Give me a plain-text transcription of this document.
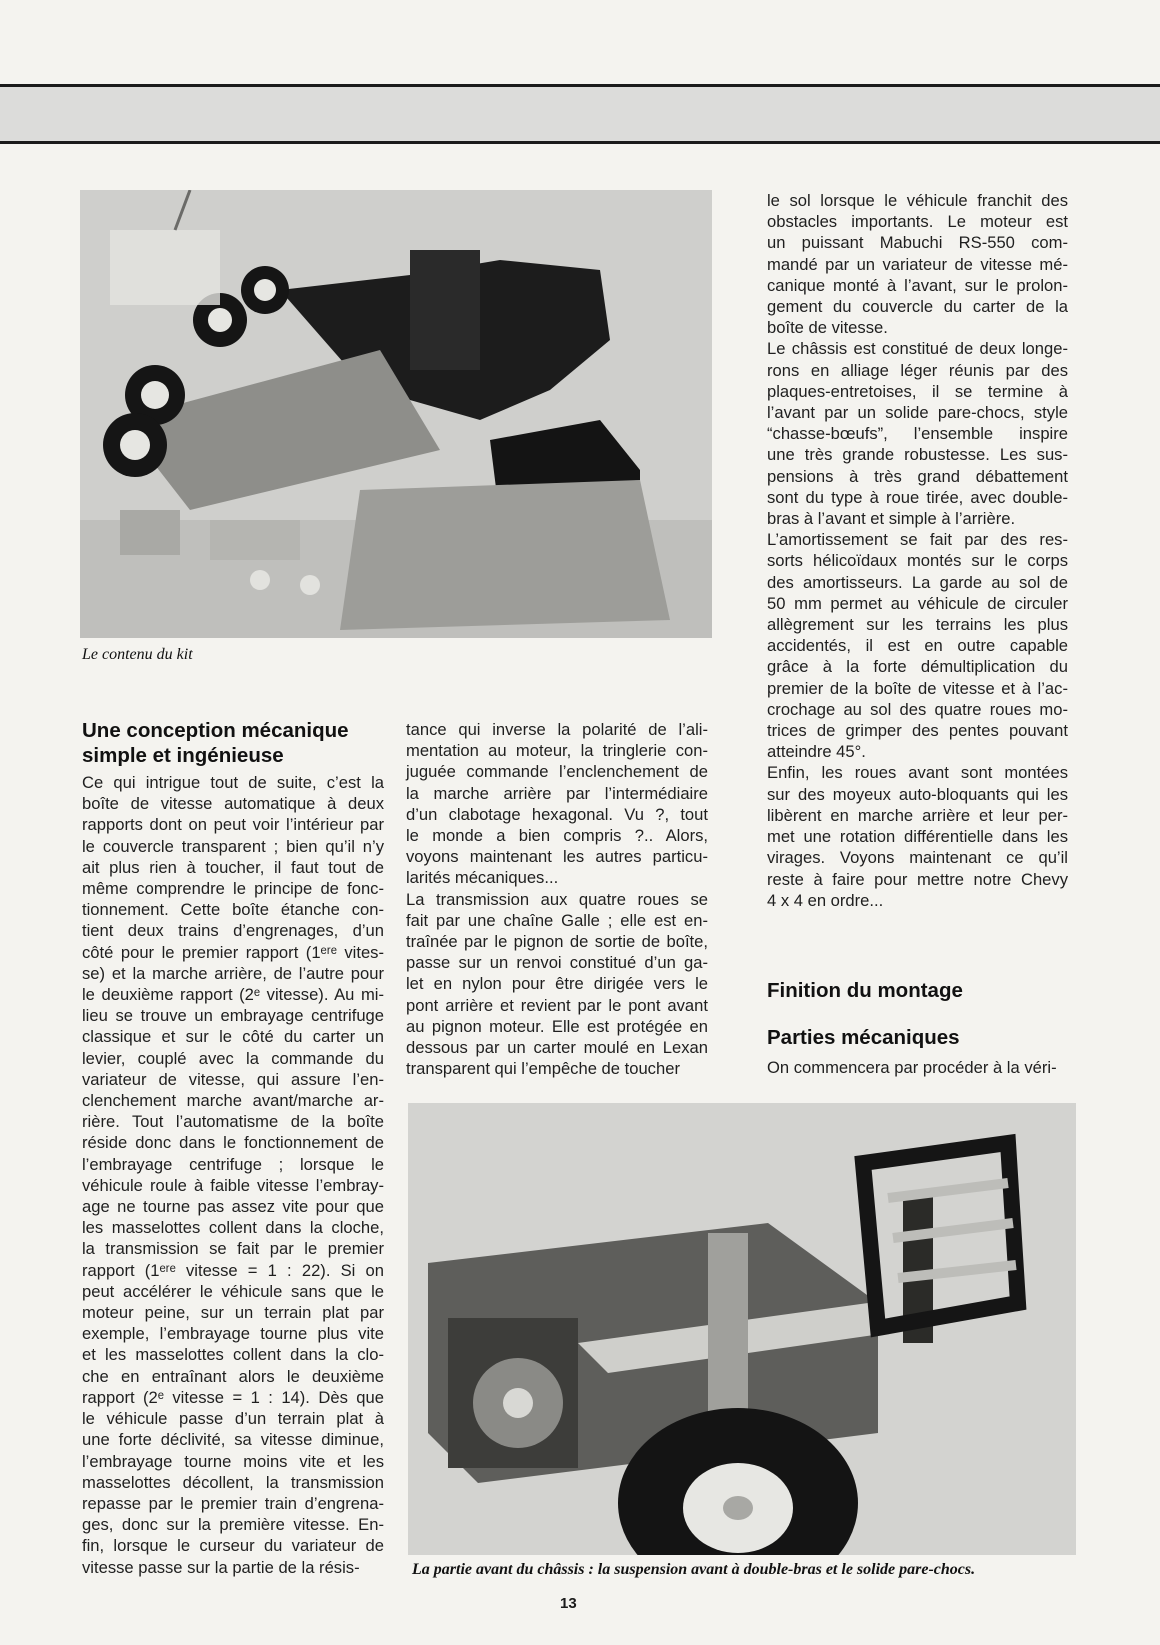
Le contenu du kit
Une conception mécanique
simple et ingénieuse
Ce qui intrigue tout de suite, c’est la
boîte de vitesse automatique à deux
rapports dont on peut voir l’intérieur par
le couvercle transparent ; bien qu’il n’y
ait plus rien à toucher, il faut tout de
même comprendre le principe de fonc-
tionnement. Cette boîte étanche con-
tient deux trains d’engrenages, d’un
côté pour le premier rapport (1ᵉʳᵉ vites-
se) et la marche arrière, de l’autre pour
le deuxième rapport (2ᵉ vitesse). Au mi-
lieu se trouve un embrayage centrifuge
classique et sur le côté du carter un
levier, couplé avec la commande du
variateur de vitesse, qui assure l’en-
clenchement marche avant/marche ar-
rière. Tout l’automatisme de la boîte
réside donc dans le fonctionnement de
l’embrayage centrifuge ; lorsque le
véhicule roule à faible vitesse l’embray-
age ne tourne pas assez vite pour que
les masselottes collent dans la cloche,
la transmission se fait par le premier
rapport (1ᵉʳᵉ vitesse = 1 : 22). Si on
peut accélérer le véhicule sans que le
moteur peine, sur un terrain plat par
exemple, l’embrayage tourne plus vite
et les masselottes collent dans la clo-
che en entraînant alors le deuxième
rapport (2ᵉ vitesse = 1 : 14). Dès que
le véhicule passe d’un terrain plat à
une forte déclivité, sa vitesse diminue,
l’embrayage tourne moins vite et les
masselottes décollent, la transmission
repasse par le premier train d’engrena-
ges, donc sur la première vitesse. En-
fin, lorsque le curseur du variateur de
vitesse passe sur la partie de la résis-
tance qui inverse la polarité de l’ali-
mentation au moteur, la tringlerie con-
juguée commande l’enclenchement de
la marche arrière par l’intermédiaire
d’un clabotage hexagonal. Vu ?, tout
le monde a bien compris ?.. Alors,
voyons maintenant les autres particu-
larités mécaniques...
La transmission aux quatre roues se
fait par une chaîne Galle ; elle est en-
traînée par le pignon de sortie de boîte,
passe sur un renvoi constitué d’un ga-
let en nylon pour être dirigée vers le
pont arrière et revient par le pont avant
au pignon moteur. Elle est protégée en
dessous par un carter moulé en Lexan
transparent qui l’empêche de toucher
le sol lorsque le véhicule franchit des
obstacles importants. Le moteur est
un puissant Mabuchi RS-550 com-
mandé par un variateur de vitesse mé-
canique monté à l’avant, sur le prolon-
gement du couvercle du carter de la
boîte de vitesse.
Le châssis est constitué de deux longe-
rons en alliage léger réunis par des
plaques-entretoises, il se termine à
l’avant par un solide pare-chocs, style
“chasse-bœufs”, l’ensemble inspire
une très grande robustesse. Les sus-
pensions à très grand débattement
sont du type à roue tirée, avec double-
bras à l’avant et simple à l’arrière.
L’amortissement se fait par des res-
sorts hélicoïdaux montés sur le corps
des amortisseurs. La garde au sol de
50 mm permet au véhicule de circuler
allègrement sur les terrains les plus
accidentés, il est en outre capable
grâce à la forte démultiplication du
premier de la boîte de vitesse et à l’ac-
crochage au sol des quatre roues mo-
trices de grimper des pentes pouvant
atteindre 45°.
Enfin, les roues avant sont montées
sur des moyeux auto-bloquants qui les
libèrent en marche arrière et leur per-
met une rotation différentielle dans les
virages. Voyons maintenant ce qu’il
reste à faire pour mettre notre Chevy
4 x 4 en ordre...
Finition du montage
Parties mécaniques
On commencera par procéder à la véri-
La partie avant du châssis : la suspension avant à double-bras et le solide pare-chocs.
13
